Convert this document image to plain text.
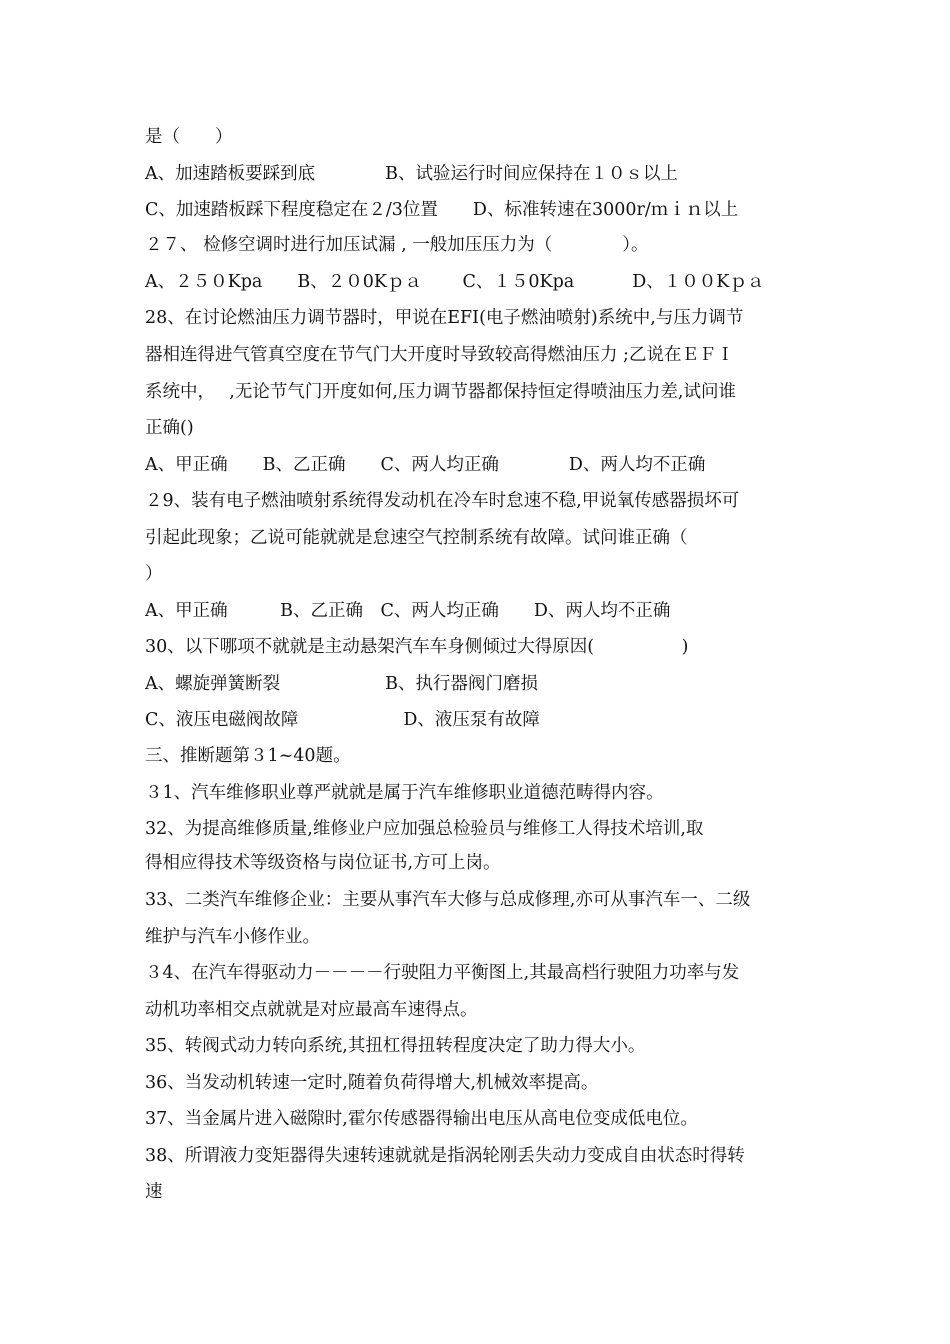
是（　　）
A、加速踏板要踩到底　　　　B、试验运行时间应保持在１０ｓ以上
C、加速踏板踩下程度稳定在２/3位置　　D、标准转速在3000r/ｍｉｎ以上
２７、 检修空调时进行加压试漏 , 一般加压压力为（　　　　）。
A、２５０Kpa　　B、２０0Kｐａ　　 C、１５0Kpa　　　 D、１００Kｐａ
28、在讨论燃油压力调节器时，甲说在EFI(电子燃油喷射)系统中,与压力调节
器相连得进气管真空度在节气门大开度时导致较高得燃油压力 ;乙说在ＥＦＩ
系统中，　 ,无论节气门开度如何,压力调节器都保持恒定得喷油压力差,试问谁
正确()
A、甲正确　　B、乙正确　　C、两人均正确　　　　D、两人均不正确
２9、装有电子燃油喷射系统得发动机在冷车时怠速不稳,甲说氧传感器损坏可
引起此现象；乙说可能就就是怠速空气控制系统有故障。试问谁正确（
）
A、甲正确　　　B、乙正确　C、两人均正确　　D、两人均不正确
30、以下哪项不就就是主动悬架汽车车身侧倾过大得原因(　　　　　)
A、螺旋弹簧断裂　　　　　　B、执行器阀门磨损
C、液压电磁阀故障　　　　　　D、液压泵有故障
三、推断题第３1~40题。
３1、汽车维修职业尊严就就是属于汽车维修职业道德范畴得内容。
32、为提高维修质量,维修业户应加强总检验员与维修工人得技术培训,取
得相应得技术等级资格与岗位证书,方可上岗。
33、二类汽车维修企业：主要从事汽车大修与总成修理,亦可从事汽车一、二级
维护与汽车小修作业。
３4、在汽车得驱动力－－－－行驶阻力平衡图上,其最高档行驶阻力功率与发
动机功率相交点就就是对应最高车速得点。
35、转阀式动力转向系统,其扭杠得扭转程度决定了助力得大小。
36、当发动机转速一定时,随着负荷得增大,机械效率提高。
37、当金属片进入磁隙时,霍尔传感器得输出电压从高电位变成低电位。
38、所谓液力变矩器得失速转速就就是指涡轮刚丢失动力变成自由状态时得转
速
